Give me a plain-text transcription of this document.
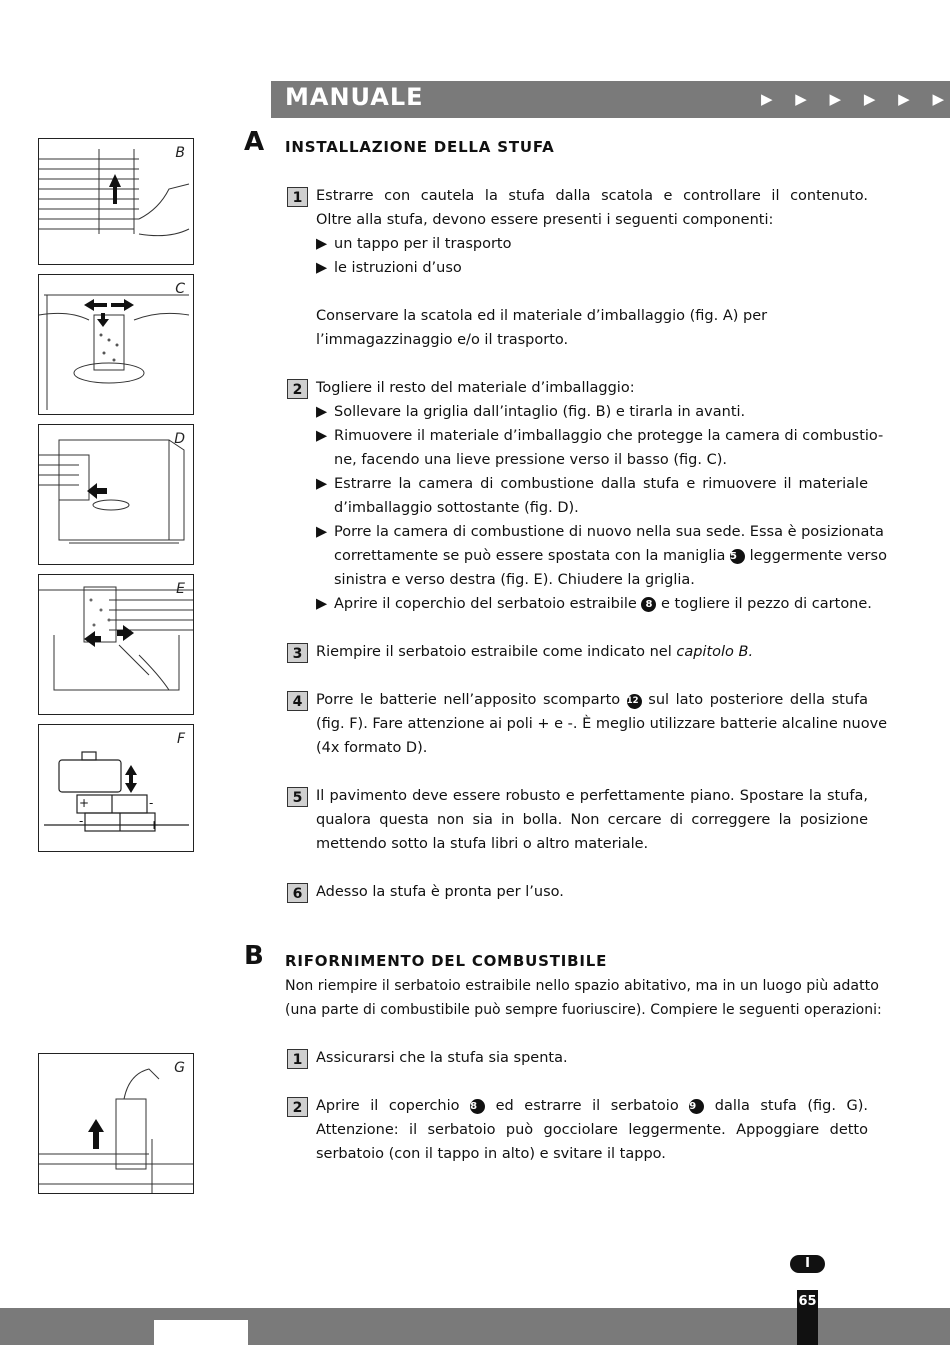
MANUALE	▶ ▶ ▶ ▶ ▶ ▶
B
C
D
E
+	-
-	+
F
G
A INSTALLAZIONE DELLA STUFA
1 Estrarre con cautela la stufa dalla scatola e controllare il contenuto.
Oltre alla stufa, devono essere presenti i seguenti componenti:
▶ un tappo per il trasporto
▶ le istruzioni d’uso
Conservare la scatola ed il materiale d’imballaggio (fig. A) per
l’immagazzinaggio e/o il trasporto.
2 Togliere il resto del materiale d’imballaggio:
▶ Sollevare la griglia dall’intaglio (fig. B) e tirarla in avanti.
▶ Rimuovere il materiale d’imballaggio che protegge la camera di combustio-
ne, facendo una lieve pressione verso il basso (fig. C).
▶ Estrarre la camera di combustione dalla stufa e rimuovere il materiale
d’imballaggio sottostante (fig. D).
▶ Porre la camera di combustione di nuovo nella sua sede. Essa è posizionata
correttamente se può essere spostata con la maniglia 5 leggermente verso
sinistra e verso destra (fig. E). Chiudere la griglia.
▶ Aprire il coperchio del serbatoio estraibile 8 e togliere il pezzo di cartone.
3 Riempire il serbatoio estraibile come indicato nel capitolo B.
4 Porre le batterie nell’apposito scomparto 12 sul lato posteriore della stufa
(fig. F). Fare attenzione ai poli + e -. È meglio utilizzare batterie alcaline nuove
(4x formato D).
5 Il pavimento deve essere robusto e perfettamente piano. Spostare la stufa,
qualora questa non sia in bolla. Non cercare di correggere la posizione
mettendo sotto la stufa libri o altro materiale.
6 Adesso la stufa è pronta per l’uso.
B RIFORNIMENTO DEL COMBUSTIBILE
Non riempire il serbatoio estraibile nello spazio abitativo, ma in un luogo più adatto
(una parte di combustibile può sempre fuoriuscire). Compiere le seguenti operazioni:
1 Assicurarsi che la stufa sia spenta.
2 Aprire il coperchio 8 ed estrarre il serbatoio 9 dalla stufa (fig. G).
Attenzione: il serbatoio può gocciolare leggermente. Appoggiare detto
serbatoio (con il tappo in alto) e svitare il tappo.
I
65
